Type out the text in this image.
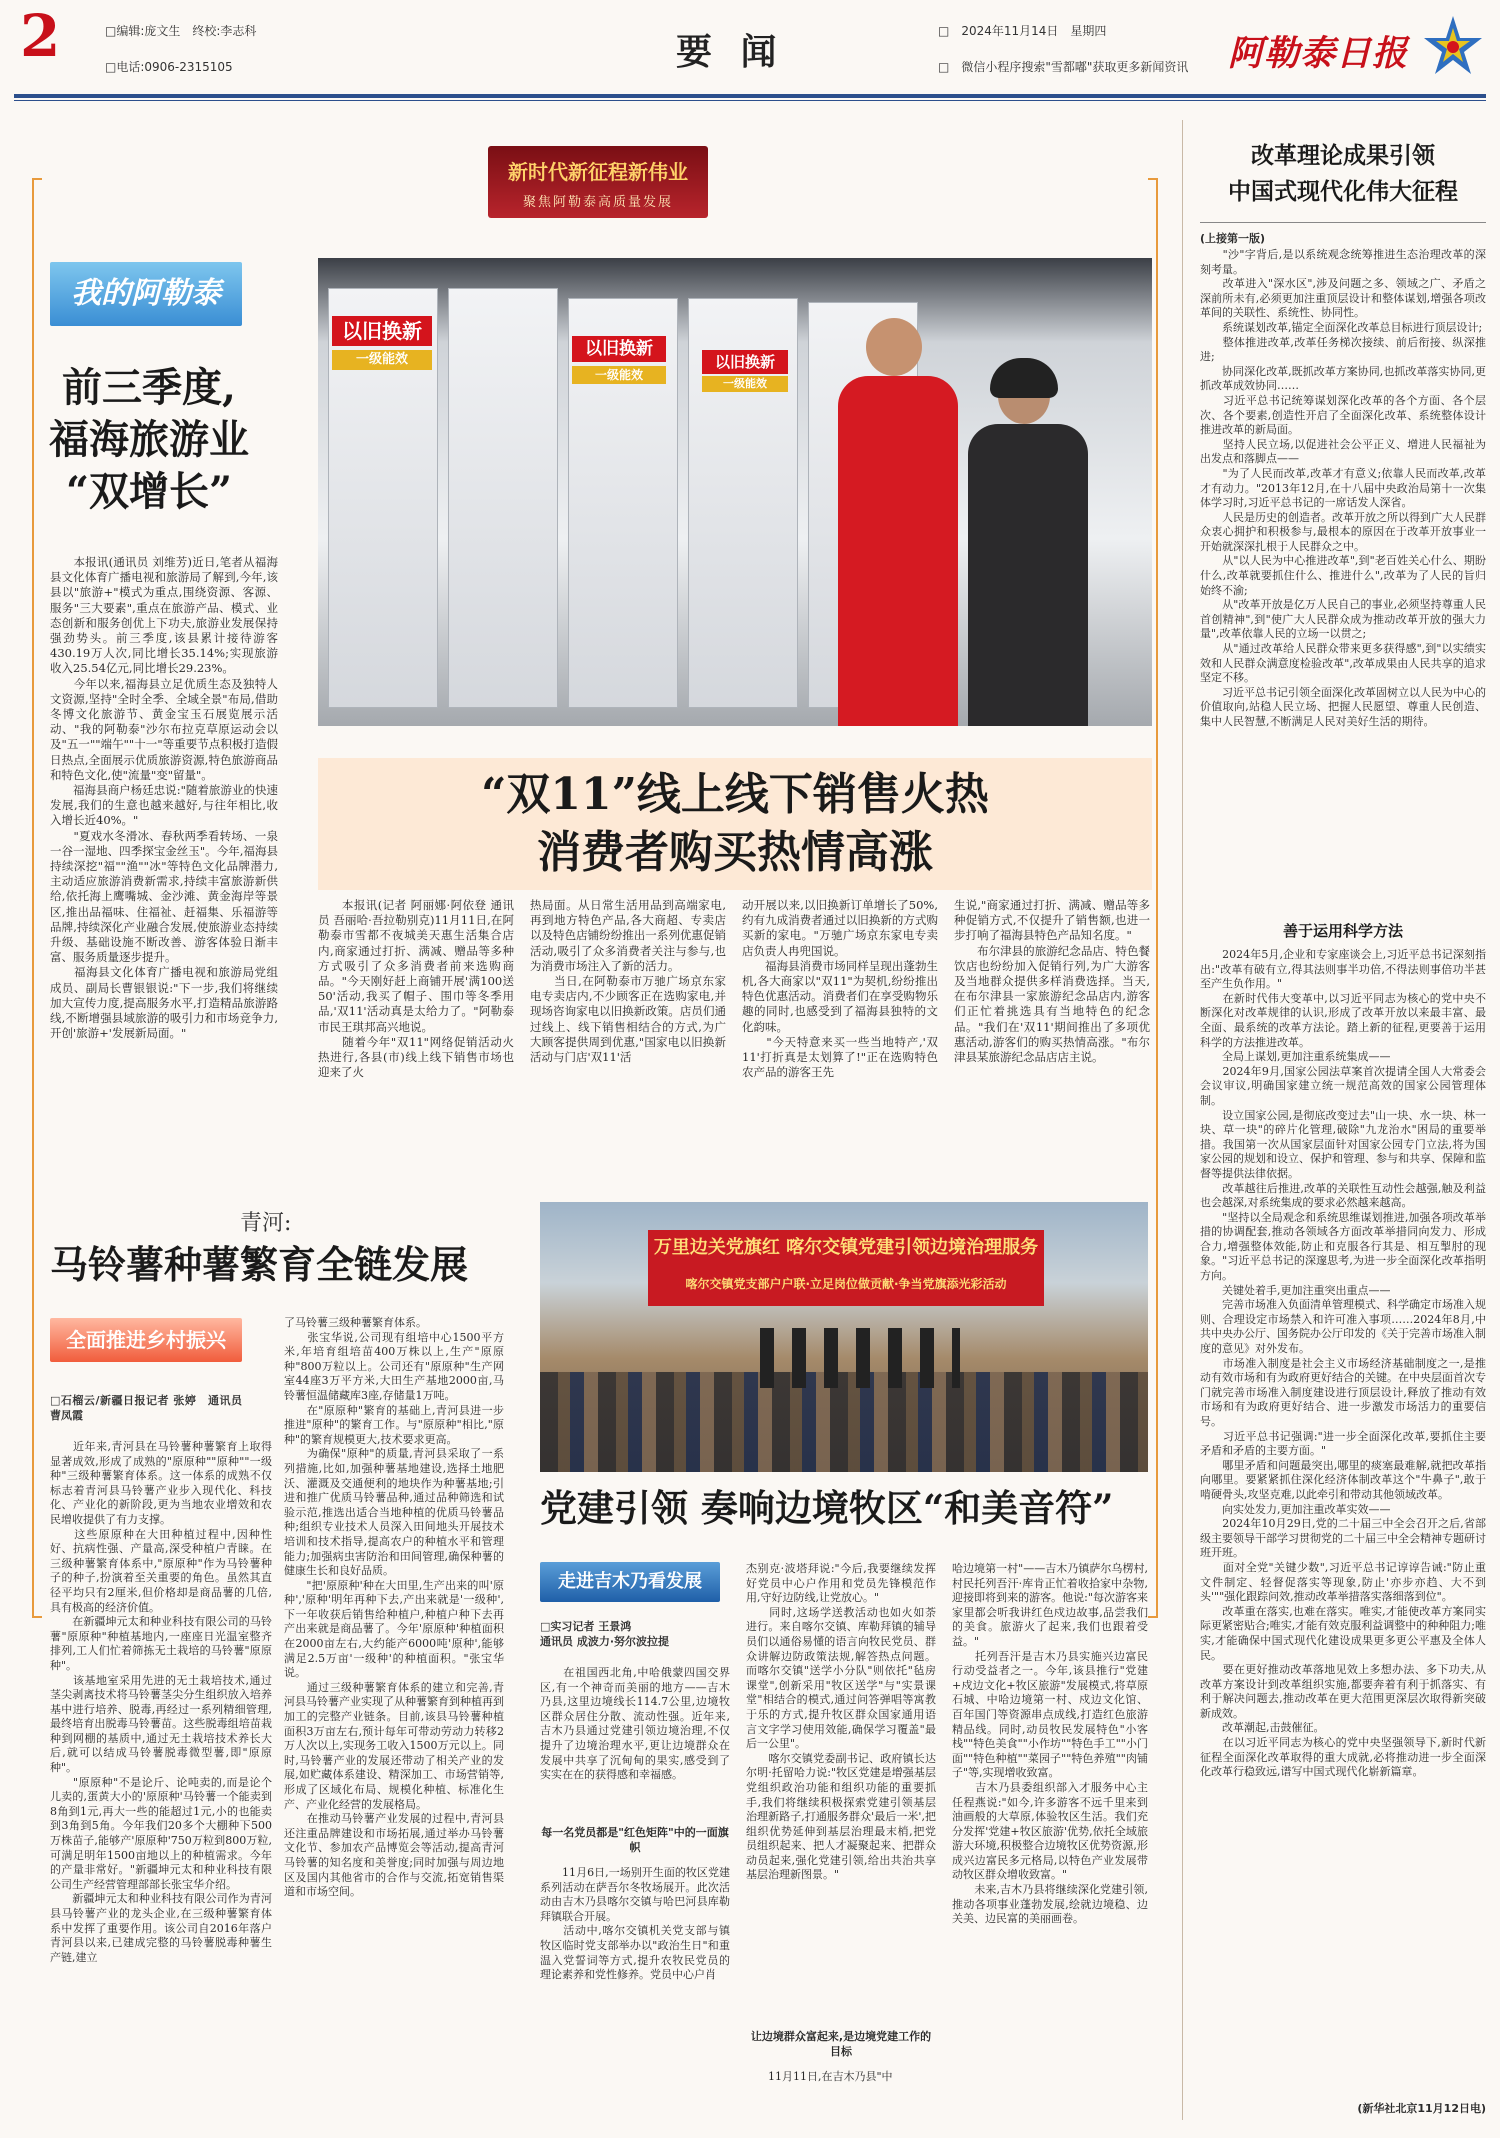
2	□编辑:庞文生　终校:李志科
□电话:0906-2315105	要 闻	□　2024年11月14日　星期四
□　微信小程序搜索"雪都嘟"获取更多新闻资讯 阿勒泰日报
新时代新征程新伟业
聚焦阿勒泰高质量发展
我的阿勒泰
前三季度,
福海旅游业
“双增长”
　　本报讯(通讯员 刘维芳)近日,笔者从福海县文化体育广播电视和旅游局了解到,今年,该县以"旅游+"模式为重点,围绕资源、客源、服务"三大要素",重点在旅游产品、模式、业态创新和服务创优上下功夫,旅游业发展保持强劲势头。前三季度,该县累计接待游客430.19万人次,同比增长35.14%;实现旅游收入25.54亿元,同比增长29.23%。
　　今年以来,福海县立足优质生态及独特人文资源,坚持"全时全季、全域全景"布局,借助冬博文化旅游节、黄金宝玉石展览展示活动、"我的阿勒泰"沙尔布拉克草原运动会以及"五一""端午""十一"等重要节点积极打造假日热点,全面展示优质旅游资源,特色旅游商品和特色文化,使"流量"变"留量"。
　　福海县商户杨廷忠说:"随着旅游业的快速发展,我们的生意也越来越好,与往年相比,收入增长近40%。"
　　"夏戏水冬滑冰、春秋两季看转场、一泉一谷一湿地、四季探宝金丝玉"。今年,福海县持续深挖"福""渔""冰"等特色文化品牌潜力,主动适应旅游消费新需求,持续丰富旅游新供给,依托海上鹰嘴城、金沙滩、黄金海岸等景区,推出品福味、住福祉、赶福集、乐福游等品牌,持续深化产业融合发展,使旅游业态持续升级、基础设施不断改善、游客体验日渐丰富、服务质量逐步提升。
　　福海县文化体育广播电视和旅游局党组成员、副局长曹银银说:"下一步,我们将继续加大宣传力度,提高服务水平,打造精品旅游路线,不断增强县域旅游的吸引力和市场竞争力,开创'旅游+'发展新局面。"
以旧换新
一级能效
以旧换新
一级能效
以旧换新
一级能效
“双11”线上线下销售火热
消费者购买热情高涨
　　本报讯(记者 阿丽娜·阿依登 通讯员 吾丽哈·吾拉勒别克)11月11日,在阿勒泰市雪都不夜城美天惠生活集合店内,商家通过打折、满减、赠品等多种方式吸引了众多消费者前来选购商品。"今天刚好赶上商铺开展'满100送50'活动,我买了帽子、围巾等冬季用品,'双11'活动真是太给力了。"阿勒泰市民王琪邦高兴地说。
　　随着今年"双11"网络促销活动火热进行,各县(市)线上线下销售市场也迎来了火
热局面。从日常生活用品到高端家电,再到地方特色产品,各大商超、专卖店以及特色店铺纷纷推出一系列优惠促销活动,吸引了众多消费者关注与参与,也为消费市场注入了新的活力。
　　当日,在阿勒泰市万驰广场京东家电专卖店内,不少顾客正在选购家电,并现场咨询家电以旧换新政策。店员们通过线上、线下销售相结合的方式,为广大顾客提供周到优惠,"国家电以旧换新活动与门店'双11'活
动开展以来,以旧换新订单增长了50%,约有九成消费者通过以旧换新的方式购买新的家电。"万驰广场京东家电专卖店负责人冉兜国说。
　　福海县消费市场同样呈现出蓬勃生机,各大商家以"双11"为契机,纷纷推出特色优惠活动。消费者们在享受购物乐趣的同时,也感受到了福海县独特的文化韵味。
　　"今天特意来买一些当地特产,'双11'打折真是太划算了!"正在选购特色农产品的游客王先
生说,"商家通过打折、满减、赠品等多种促销方式,不仅提升了销售额,也进一步打响了福海县特色产品知名度。"
　　布尔津县的旅游纪念品店、特色餐饮店也纷纷加入促销行列,为广大游客及当地群众提供多样消费选择。当天,在布尔津县一家旅游纪念品店内,游客们正忙着挑选具有当地特色的纪念品。"我们在'双11'期间推出了多项优惠活动,游客们的购买热情高涨。"布尔津县某旅游纪念品店店主说。
青河:
马铃薯种薯繁育全链发展
全面推进乡村振兴
□石榴云/新疆日报记者 张婷　通讯员 曹凤霞
　　近年来,青河县在马铃薯种薯繁育上取得显著成效,形成了成熟的"原原种""原种""一级种"三级种薯繁育体系。这一体系的成熟不仅标志着青河县马铃薯产业步入现代化、科技化、产业化的新阶段,更为当地农业增效和农民增收提供了有力支撑。
　　这些原原种在大田种植过程中,因种性好、抗病性强、产量高,深受种植户青睐。在三级种薯繁育体系中,"原原种"作为马铃薯种子的种子,扮演着至关重要的角色。虽然其直径平均只有2厘米,但价格却是商品薯的几倍,具有极高的经济价值。
　　在新疆坤元太和种业科技有限公司的马铃薯"原原种"种植基地内,一座座日光温室整齐排列,工人们忙着筛拣无土栽培的马铃薯"原原种"。
　　该基地室采用先进的无土栽培技术,通过茎尖剥离技术将马铃薯茎尖分生组织放入培养基中进行培养、脱毒,再经过一系列精细管理,最终培育出脱毒马铃薯苗。这些脱毒组培苗栽种到网棚的基质中,通过无土栽培技术养长大后,就可以结成马铃薯脱毒微型薯,即"原原种"。
　　"原原种"不是论斤、论吨卖的,而是论个儿卖的,蛋黄大小的'原原种'马铃薯一个能卖到8角到1元,再大一些的能超过1元,小的也能卖到3角到5角。今年我们20多个大棚种下500万株苗子,能够产'原原种'750万粒到800万粒,可满足明年1500亩地以上的种植需求。今年的产量非常好。"新疆坤元太和种业科技有限公司生产经营管理部部长张宝华介绍。
　　新疆坤元太和种业科技有限公司作为青河县马铃薯产业的龙头企业,在三级种薯繁育体系中发挥了重要作用。该公司自2016年落户青河县以来,已建成完整的马铃薯脱毒种薯生产链,建立
了马铃薯三级种薯繁育体系。
　　张宝华说,公司现有组培中心1500平方米,年培育组培苗400万株以上,生产"原原种"800万粒以上。公司还有"原原种"生产网室44座3万平方米,大田生产基地2000亩,马铃薯恒温储藏库3座,存储量1万吨。
　　在"原原种"繁育的基础上,青河县进一步推进"原种"的繁育工作。与"原原种"相比,"原种"的繁育规模更大,技术要求更高。
　　为确保"原种"的质量,青河县采取了一系列措施,比如,加强种薯基地建设,选择土地肥沃、灌溉及交通便利的地块作为种薯基地;引进和推广优质马铃薯品种,通过品种筛选和试验示范,推选出适合当地种植的优质马铃薯品种;组织专业技术人员深入田间地头开展技术培训和技术指导,提高农户的种植水平和管理能力;加强病虫害防治和田间管理,确保种薯的健康生长和良好品质。
　　"把'原原种'种在大田里,生产出来的叫'原种','原种'明年再种下去,产出来就是'一级种',下一年收获后销售给种植户,种植户种下去再产出来就是商品薯了。今年'原原种'种植面积在2000亩左右,大约能产6000吨'原种',能够满足2.5万亩'一级种'的种植面积。"张宝华说。
　　通过三级种薯繁育体系的建立和完善,青河县马铃薯产业实现了从种薯繁育到种植再到加工的完整产业链条。目前,该县马铃薯种植面积3万亩左右,预计每年可带动劳动力转移2万人次以上,实现务工收入1500万元以上。同时,马铃薯产业的发展还带动了相关产业的发展,如贮藏体系建设、精深加工、市场营销等,形成了区域化布局、规模化种植、标准化生产、产业化经营的发展格局。
　　在推动马铃薯产业发展的过程中,青河县还注重品牌建设和市场拓展,通过举办马铃薯文化节、参加农产品博览会等活动,提高青河马铃薯的知名度和美誉度;同时加强与周边地区及国内其他省市的合作与交流,拓宽销售渠道和市场空间。
万里边关党旗红 喀尔交镇党建引领边境治理服务
喀尔交镇党支部户户联·立足岗位做贡献·争当党旗添光彩活动
党建引领 奏响边境牧区“和美音符”
走进吉木乃看发展
□实习记者 王景鸿
通讯员 成波力·努尔波拉提
　　在祖国西北角,中哈俄蒙四国交界区,有一个神奇而美丽的地方——吉木乃县,这里边境线长114.7公里,边境牧区群众居住分散、流动性强。近年来,吉木乃县通过党建引领边境治理,不仅提升了边境治理水平,更让边境群众在发展中共享了沉甸甸的果实,感受到了实实在在的获得感和幸福感。
每一名党员都是"红色矩阵"中的一面旗帜
　　11月6日,一场别开生面的牧区党建系列活动在萨吾尔冬牧场展开。此次活动由吉木乃县喀尔交镇与哈巴河县库勒拜镇联合开展。
　　活动中,喀尔交镇机关党支部与镇牧区临时党支部举办以"政治生日"和重温入党誓词等方式,提升农牧民党员的理论素养和党性修养。党员中心户肖
杰别克·波塔拜说:"今后,我要继续发挥好党员中心户作用和党员先锋模范作用,守好边防线,让党放心。"
　　同时,这场学送教活动也如火如荼进行。来自喀尔交镇、库勒拜镇的辅导员们以通俗易懂的语言向牧民党员、群众讲解边防政策法规,解答热点问题。而喀尔交镇"送学小分队"则依托"毡房课堂",创新采用"牧区送学"与"实景课堂"相结合的模式,通过问答弹唱等寓教于乐的方式,提升牧区群众国家通用语言文字学习使用效能,确保学习覆盖"最后一公里"。
　　喀尔交镇党委副书记、政府镇长达尔明·托留哈力说:"牧区党建是增强基层党组织政治功能和组织功能的重要抓手,我们将继续积极探索党建引领基层治理新路子,打通服务群众'最后一米',把组织优势延伸到基层治理最末梢,把党员组织起来、把人才凝聚起来、把群众动员起来,强化党建引领,给出共治共享基层治理新图景。"
让边境群众富起来,是边境党建工作的目标
　　11月11日,在吉木乃县"中
哈边境第一村"——吉木乃镇萨尔乌楞村,村民托列吾汗·库肯正忙着收拾家中杂物,迎接即将到来的游客。他说:"每次游客来家里都会听我讲红色戍边故事,品尝我们的美食。旅游火了起来,我们也跟着受益。"
　　托列吾汗是吉木乃县实施兴边富民行动受益者之一。今年,该县推行"党建+戍边文化+牧区旅游"发展模式,将草原石城、中哈边境第一村、戍边文化馆、百年国门等资源串点成线,打造红色旅游精品线。同时,动员牧民发展特色"小客栈""特色美食""小作坊""特色手工""小门面""特色种植""菜园子""特色养殖""肉铺子"等,实现增收致富。
　　吉木乃县委组织部入才服务中心主任程燕说:"如今,许多游客不远千里来到油画般的大草原,体验牧区生活。我们充分发挥'党建+牧区旅游'优势,依托全域旅游大环境,积极整合边境牧区优势资源,形成兴边富民多元格局,以特色产业发展带动牧区群众增收致富。"
　　未来,吉木乃县将继续深化党建引领,推动各项事业蓬勃发展,绘就边境稳、边关美、边民富的美丽画卷。
改革理论成果引领
中国式现代化伟大征程
(上接第一版)
　　"沙"字背后,是以系统观念统筹推进生态治理改革的深刻考量。
　　改革进入"深水区",涉及问题之多、领域之广、矛盾之深前所未有,必须更加注重顶层设计和整体谋划,增强各项改革间的关联性、系统性、协同性。
　　系统谋划改革,锚定全面深化改革总目标进行顶层设计;
　　整体推进改革,改革任务梯次接续、前后衔接、纵深推进;
　　协同深化改革,既抓改革方案协同,也抓改革落实协同,更抓改革成效协同……
　　习近平总书记统筹谋划深化改革的各个方面、各个层次、各个要素,创造性开启了全面深化改革、系统整体设计推进改革的新局面。
　　坚持人民立场,以促进社会公平正义、增进人民福祉为出发点和落脚点——
　　"为了人民而改革,改革才有意义;依靠人民而改革,改革才有动力。"2013年12月,在十八届中央政治局第十一次集体学习时,习近平总书记的一席话发人深省。
　　人民是历史的创造者。改革开放之所以得到广大人民群众衷心拥护和积极参与,最根本的原因在于改革开放事业一开始就深深扎根于人民群众之中。
　　从"以人民为中心推进改革",到"老百姓关心什么、期盼什么,改革就要抓住什么、推进什么",改革为了人民的旨归始终不渝;
　　从"改革开放是亿万人民自己的事业,必须坚持尊重人民首创精神",到"使广大人民群众成为推动改革开放的强大力量",改革依靠人民的立场一以贯之;
　　从"通过改革给人民群众带来更多获得感",到"以实绩实效和人民群众满意度检验改革",改革成果由人民共享的追求坚定不移。
　　习近平总书记引领全面深化改革固树立以人民为中心的价值取向,站稳人民立场、把握人民愿望、尊重人民创造、集中人民智慧,不断满足人民对美好生活的期待。
善于运用科学方法
　　2024年5月,企业和专家座谈会上,习近平总书记深刻指出:"改革有破有立,得其法则事半功倍,不得法则事倍功半甚至产生负作用。"
　　在新时代伟大变革中,以习近平同志为核心的党中央不断深化对改革规律的认识,形成了改革开放以来最丰富、最全面、最系统的改革方法论。踏上新的征程,更要善于运用科学的方法推进改革。
　　全局上谋划,更加注重系统集成——
　　2024年9月,国家公园法草案首次提请全国人大常委会会议审议,明确国家建立统一规范高效的国家公园管理体制。
　　设立国家公园,是彻底改变过去"山一块、水一块、林一块、草一块"的碎片化管理,破除"九龙治水"困局的重要举措。我国第一次从国家层面针对国家公园专门立法,将为国家公园的规划和设立、保护和管理、参与和共享、保障和监督等提供法律依据。
　　改革越往后推进,改革的关联性互动性会越强,触及利益也会越深,对系统集成的要求必然越来越高。
　　"坚持以全局观念和系统思维谋划推进,加强各项改革举措的协调配套,推动各领域各方面改革举措同向发力、形成合力,增强整体效能,防止和克服各行其是、相互掣肘的现象。"习近平总书记的深邃思考,为进一步全面深化改革指明方向。
　　关键处着手,更加注重突出重点——
　　完善市场准入负面清单管理模式、科学确定市场准入规则、合理设定市场禁入和许可准入事项……2024年8月,中共中央办公厅、国务院办公厅印发的《关于完善市场准入制度的意见》对外发布。
　　市场准入制度是社会主义市场经济基础制度之一,是推动有效市场和有为政府更好结合的关键。在中央层面首次专门就完善市场准入制度建设进行顶层设计,释放了推动有效市场和有为政府更好结合、进一步激发市场活力的重要信号。
　　习近平总书记强调:"进一步全面深化改革,要抓住主要矛盾和矛盾的主要方面。"
　　哪里矛盾和问题最突出,哪里的痰塞最难解,就把改革指向哪里。要紧紧抓住深化经济体制改革这个"牛鼻子",敢于啃硬骨头,攻坚克难,以此牵引和带动其他领域改革。
　　向实处发力,更加注重改革实效——
　　2024年10月29日,党的二十届三中全会召开之后,省部级主要领导干部学习贯彻党的二十届三中全会精神专题研讨班开班。
　　面对全党"关键少数",习近平总书记谆谆告诫:"防止重文件制定、轻督促落实等现象,防止'亦步亦趋、大不到头'""强化跟踪问效,推动改革举措落实落细落到位"。
　　改革重在落实,也难在落实。唯实,才能使改革方案同实际更紧密贴合;唯实,才能有效克服利益调整中的种种阻力;唯实,才能确保中国式现代化建设成果更多更公平惠及全体人民。
　　要在更好推动改革落地见效上多想办法、多下功夫,从改革方案设计到改革组织实施,都要奔着有利于抓落实、有利于解决问题去,推动改革在更大范围更深层次取得新突破新成效。
　　改革潮起,击鼓催征。
　　在以习近平同志为核心的党中央坚强领导下,新时代新征程全面深化改革取得的重大成就,必将推动进一步全面深化改革行稳致远,谱写中国式现代化崭新篇章。
(新华社北京11月12日电)
